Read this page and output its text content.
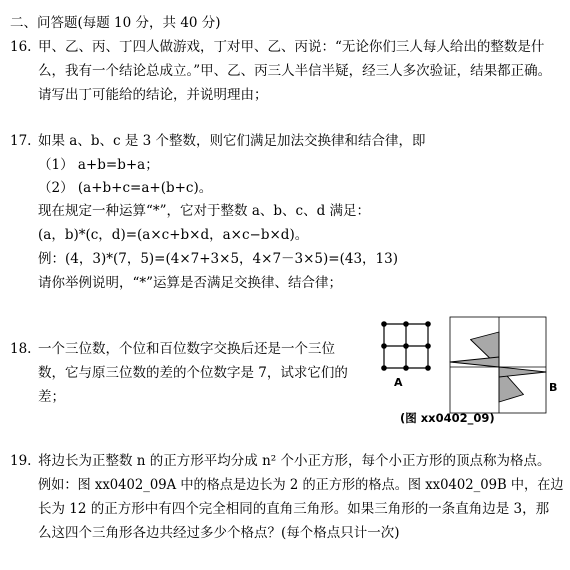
二、问答题(每题 10 分，共 40 分)
16. 甲、乙、丙、丁四人做游戏，丁对甲、乙、丙说：“无论你们三人每人给出的整数是什
么，我有一个结论总成立。”甲、乙、丙三人半信半疑，经三人多次验证，结果都正确。
请写出丁可能给的结论，并说明理由；
17. 如果 a、b、c 是 3 个整数，则它们满足加法交换律和结合律，即
（1） a+b=b+a；
（2） (a+b+c=a+(b+c)。
现在规定一种运算“*”，它对于整数 a、b、c、d 满足：
(a，b)*(c，d)=(a×c+b×d，a×c−b×d)。
例：(4，3)*(7，5)=(4×7+3×5，4×7－3×5)=(43，13)
请你举例说明，“*”运算是否满足交换律、结合律；
18. 一个三位数，个位和百位数字交换后还是一个三位
数，它与原三位数的差的个位数字是 7，试求它们的
差；
A	B
(图 xx0402_09)
19. 将边长为正整数 n 的正方形平均分成 n² 个小正方形，每个小正方形的顶点称为格点。
例如：图 xx0402_09A 中的格点是边长为 2 的正方形的格点。图 xx0402_09B 中，在边
长为 12 的正方形中有四个完全相同的直角三角形。如果三角形的一条直角边是 3，那
么这四个三角形各边共经过多少个格点？(每个格点只计一次)
